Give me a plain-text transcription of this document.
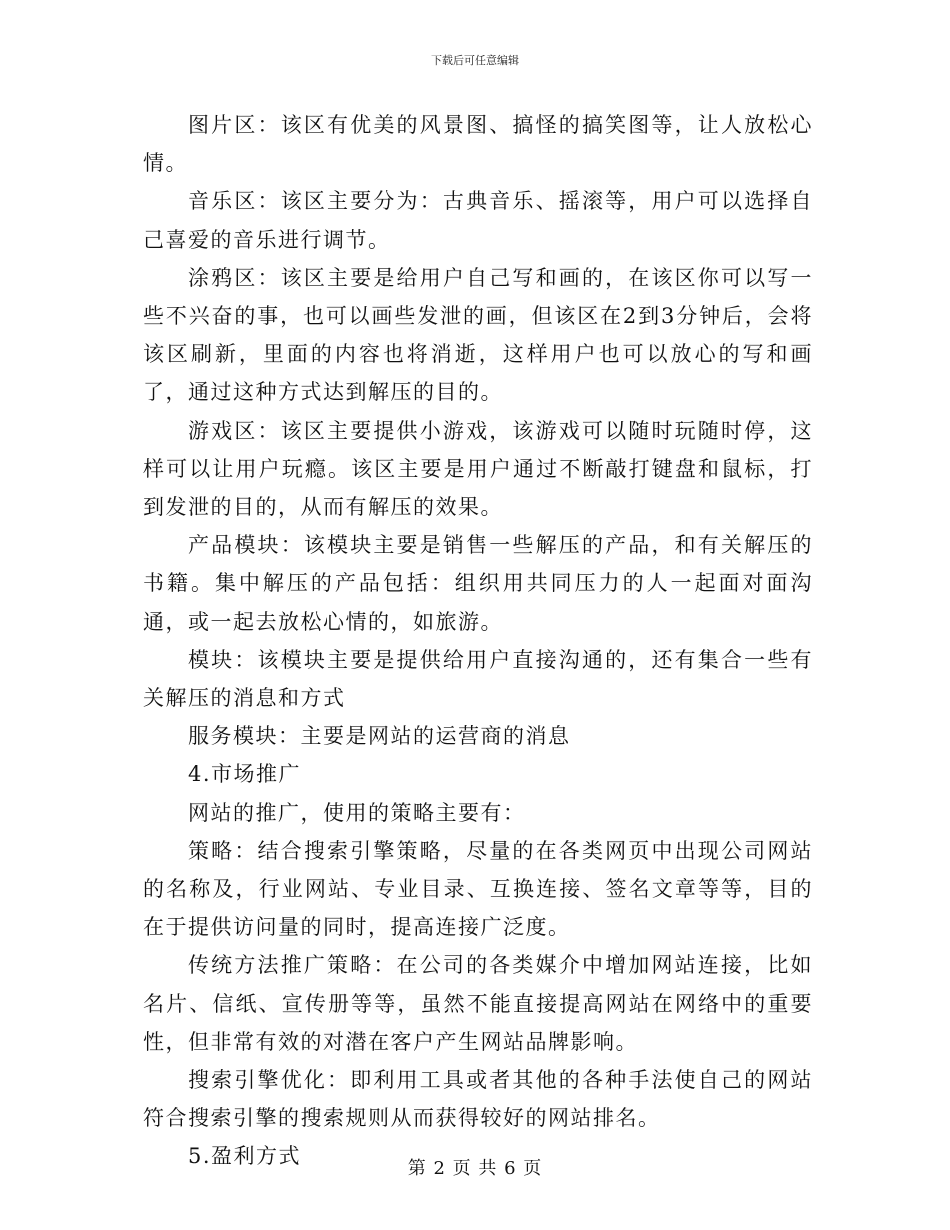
下载后可任意编辑

图片区：该区有优美的风景图、搞怪的搞笑图等，让人放松心情。

音乐区：该区主要分为：古典音乐、摇滚等，用户可以选择自己喜爱的音乐进行调节。

涂鸦区：该区主要是给用户自己写和画的，在该区你可以写一些不兴奋的事，也可以画些发泄的画，但该区在2到3分钟后，会将该区刷新，里面的内容也将消逝，这样用户也可以放心的写和画了，通过这种方式达到解压的目的。

游戏区：该区主要提供小游戏，该游戏可以随时玩随时停，这样可以让用户玩瘾。该区主要是用户通过不断敲打键盘和鼠标，打到发泄的目的，从而有解压的效果。

产品模块：该模块主要是销售一些解压的产品，和有关解压的书籍。集中解压的产品包括：组织用共同压力的人一起面对面沟通，或一起去放松心情的，如旅游。

模块：该模块主要是提供给用户直接沟通的，还有集合一些有关解压的消息和方式

服务模块：主要是网站的运营商的消息

4.市场推广

网站的推广，使用的策略主要有：

策略：结合搜索引擎策略，尽量的在各类网页中出现公司网站的名称及，行业网站、专业目录、互换连接、签名文章等等，目的在于提供访问量的同时，提高连接广泛度。

传统方法推广策略：在公司的各类媒介中增加网站连接，比如名片、信纸、宣传册等等，虽然不能直接提高网站在网络中的重要性，但非常有效的对潜在客户产生网站品牌影响。

搜索引擎优化：即利用工具或者其他的各种手法使自己的网站符合搜索引擎的搜索规则从而获得较好的网站排名。

5.盈利方式

第 2 页 共 6 页
